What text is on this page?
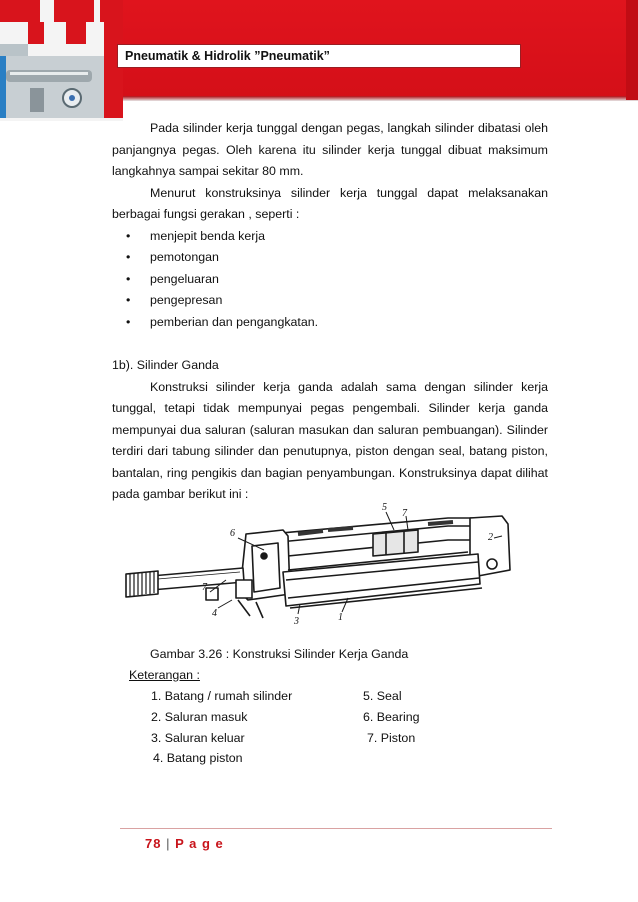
Pneumatik & Hidrolik ”Pneumatik”

Pada silinder kerja tunggal dengan pegas, langkah silinder dibatasi oleh panjangnya pegas. Oleh karena itu silinder kerja tunggal dibuat maksimum langkahnya sampai sekitar 80 mm.

Menurut konstruksinya silinder kerja tunggal dapat melaksanakan berbagai fungsi gerakan , seperti :

• menjepit benda kerja
• pemotongan
• pengeluaran
• pengepresan
• pemberian dan pengangkatan.

1b). Silinder Ganda

Konstruksi silinder kerja ganda adalah sama dengan silinder kerja tunggal, tetapi tidak mempunyai pegas pengembali. Silinder kerja ganda mempunyai dua saluran (saluran masukan dan saluran pembuangan). Silinder terdiri dari tabung silinder dan penutupnya, piston dengan seal, batang piston, bantalan, ring pengikis dan bagian penyambungan. Konstruksinya dapat dilihat pada gambar berikut ini :

6
5
7
2
7
4
3	1
Gambar 3.26 : Konstruksi Silinder Kerja Ganda
Keterangan :
1. Batang / rumah silinder
2. Saluran masuk
3. Saluran keluar
4. Batang piston
5. Seal
6. Bearing
7. Piston
78 | P a g e
